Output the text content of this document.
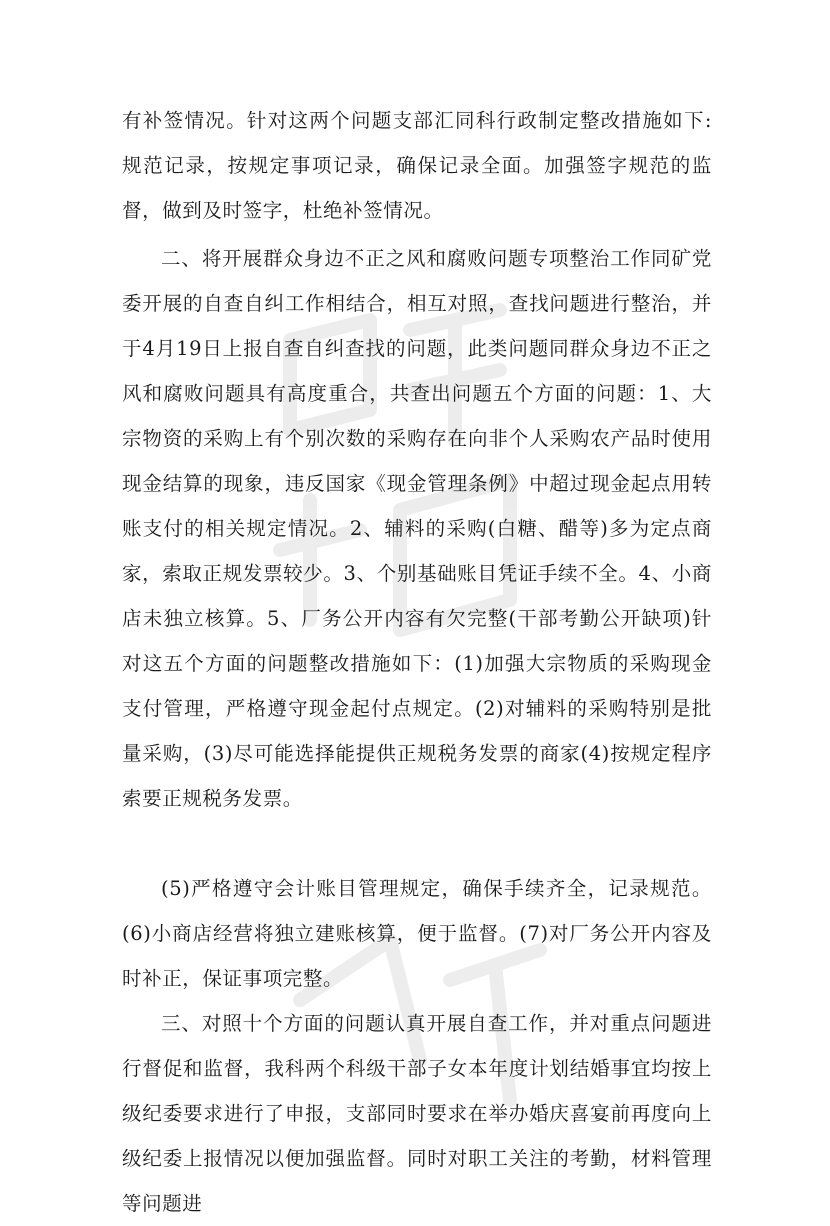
有补签情况。针对这两个问题支部汇同科行政制定整改措施如下:规范记录，按规定事项记录，确保记录全面。加强签字规范的监督，做到及时签字，杜绝补签情况。

二、将开展群众身边不正之风和腐败问题专项整治工作同矿党委开展的自查自纠工作相结合，相互对照，查找问题进行整治，并于4月19日上报自查自纠查找的问题，此类问题同群众身边不正之风和腐败问题具有高度重合，共查出问题五个方面的问题：1、大宗物资的采购上有个别次数的采购存在向非个人采购农产品时使用现金结算的现象，违反国家《现金管理条例》中超过现金起点用转账支付的相关规定情况。2、辅料的采购(白糖、醋等)多为定点商家，索取正规发票较少。3、个别基础账目凭证手续不全。4、小商店未独立核算。5、厂务公开内容有欠完整(干部考勤公开缺项)针对这五个方面的问题整改措施如下：(1)加强大宗物质的采购现金支付管理，严格遵守现金起付点规定。(2)对辅料的采购特别是批量采购，(3)尽可能选择能提供正规税务发票的商家(4)按规定程序索要正规税务发票。

(5)严格遵守会计账目管理规定，确保手续齐全，记录规范。(6)小商店经营将独立建账核算，便于监督。(7)对厂务公开内容及时补正，保证事项完整。

三、对照十个方面的问题认真开展自查工作，并对重点问题进行督促和监督，我科两个科级干部子女本年度计划结婚事宜均按上级纪委要求进行了申报，支部同时要求在举办婚庆喜宴前再度向上级纪委上报情况以便加强监督。同时对职工关注的考勤，材料管理等问题进
